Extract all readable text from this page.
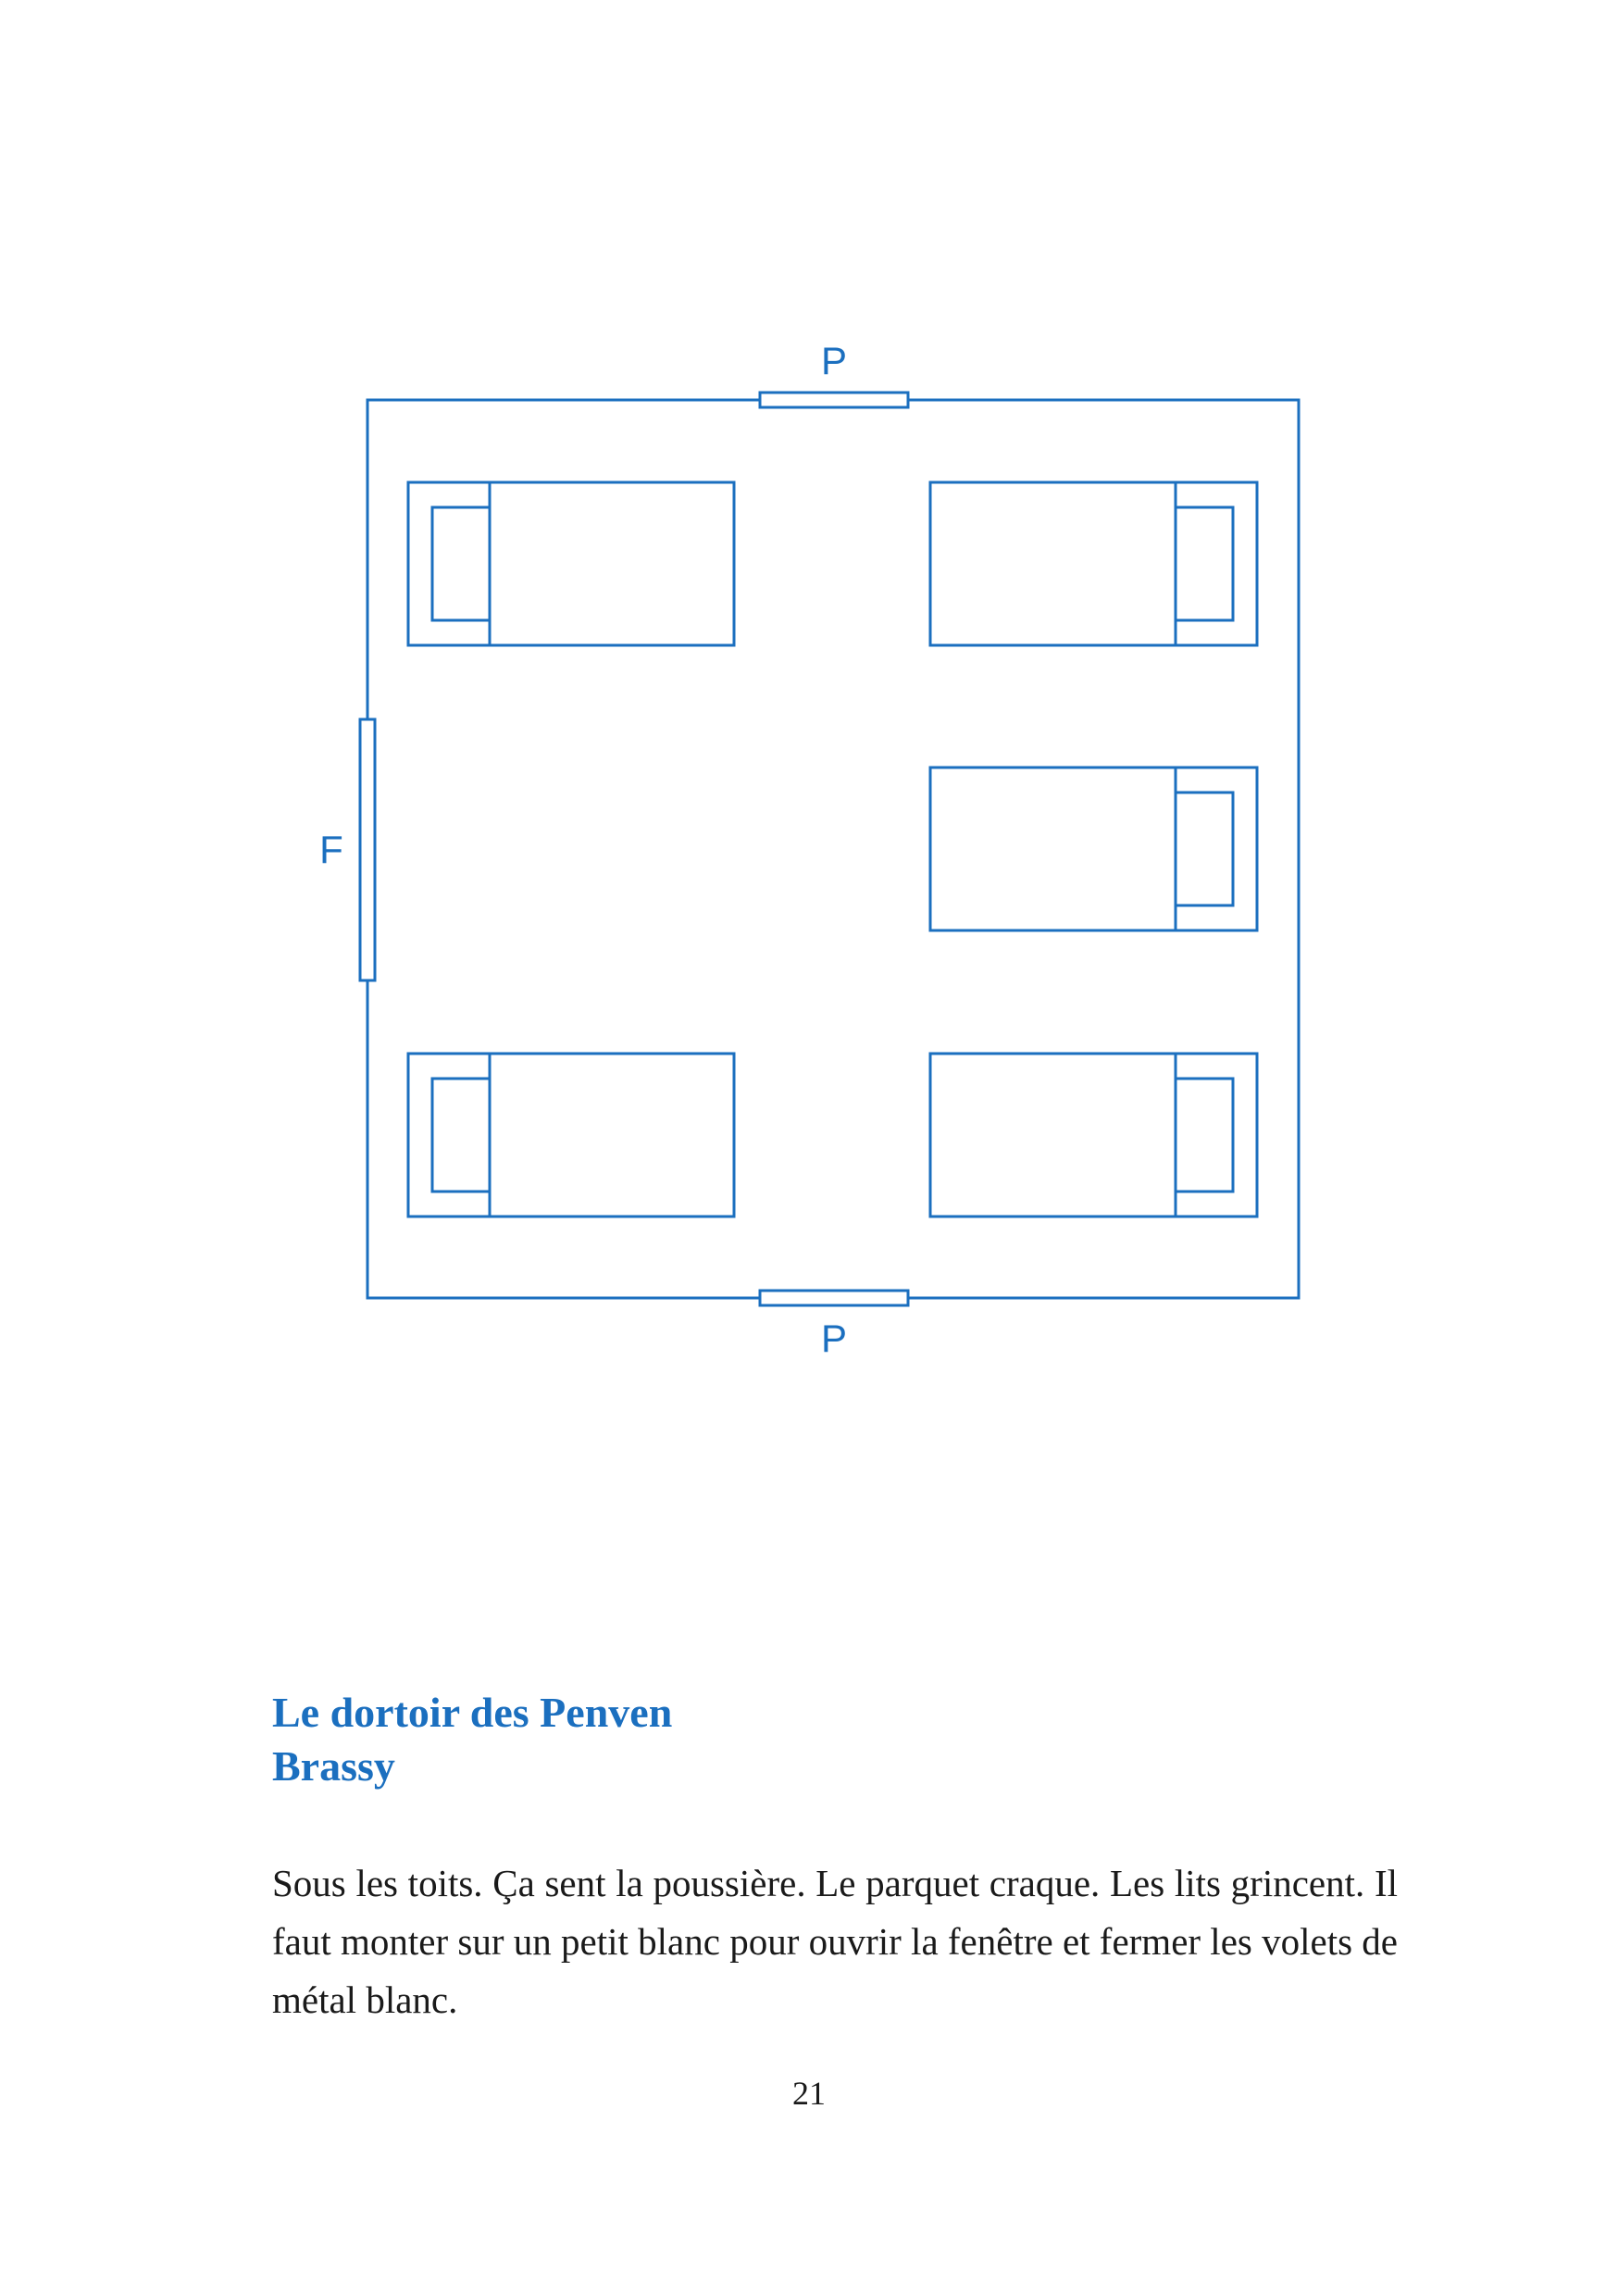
P
P
F
Le dortoir des Penven
Brassy

Sous les toits. Ça sent la poussière. Le parquet craque. Les lits grincent. Il faut monter sur un petit blanc pour ouvrir la fenêtre et fermer les volets de métal blanc.

21
